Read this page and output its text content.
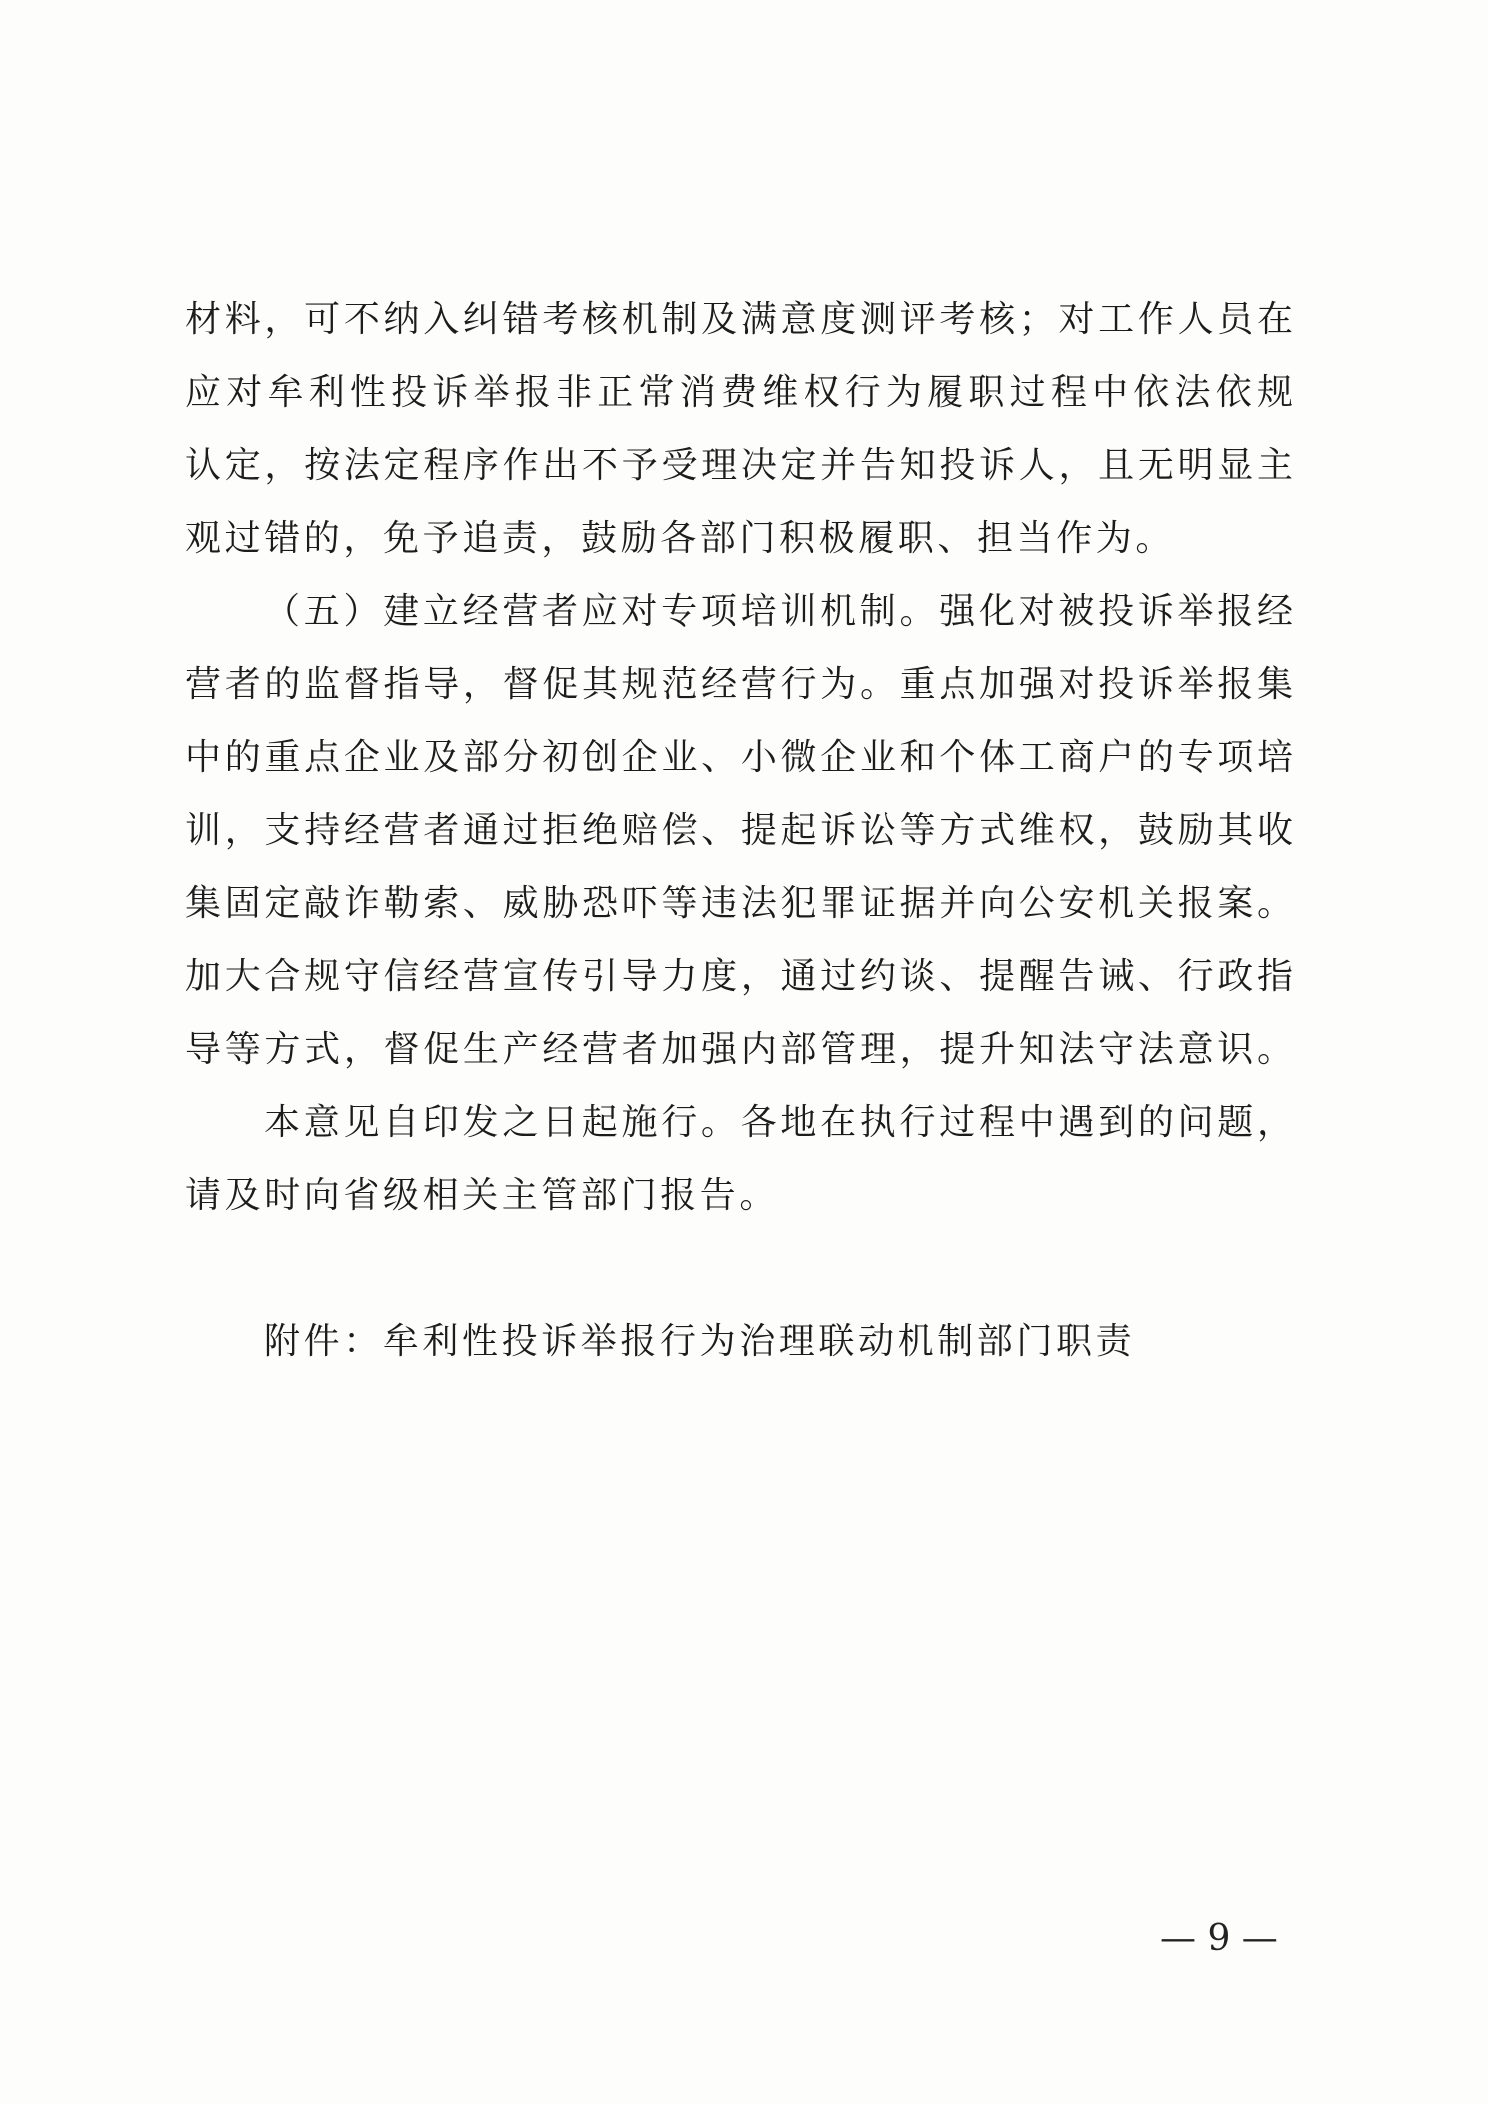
材料，可不纳入纠错考核机制及满意度测评考核；对工作人员在
应对牟利性投诉举报非正常消费维权行为履职过程中依法依规
认定，按法定程序作出不予受理决定并告知投诉人，且无明显主
观过错的，免予追责，鼓励各部门积极履职、担当作为。
（五）建立经营者应对专项培训机制。强化对被投诉举报经
营者的监督指导，督促其规范经营行为。重点加强对投诉举报集
中的重点企业及部分初创企业、小微企业和个体工商户的专项培
训，支持经营者通过拒绝赔偿、提起诉讼等方式维权，鼓励其收
集固定敲诈勒索、威胁恐吓等违法犯罪证据并向公安机关报案。
加大合规守信经营宣传引导力度，通过约谈、提醒告诫、行政指
导等方式，督促生产经营者加强内部管理，提升知法守法意识。
本意见自印发之日起施行。各地在执行过程中遇到的问题，
请及时向省级相关主管部门报告。
附件：牟利性投诉举报行为治理联动机制部门职责
— 9 —
